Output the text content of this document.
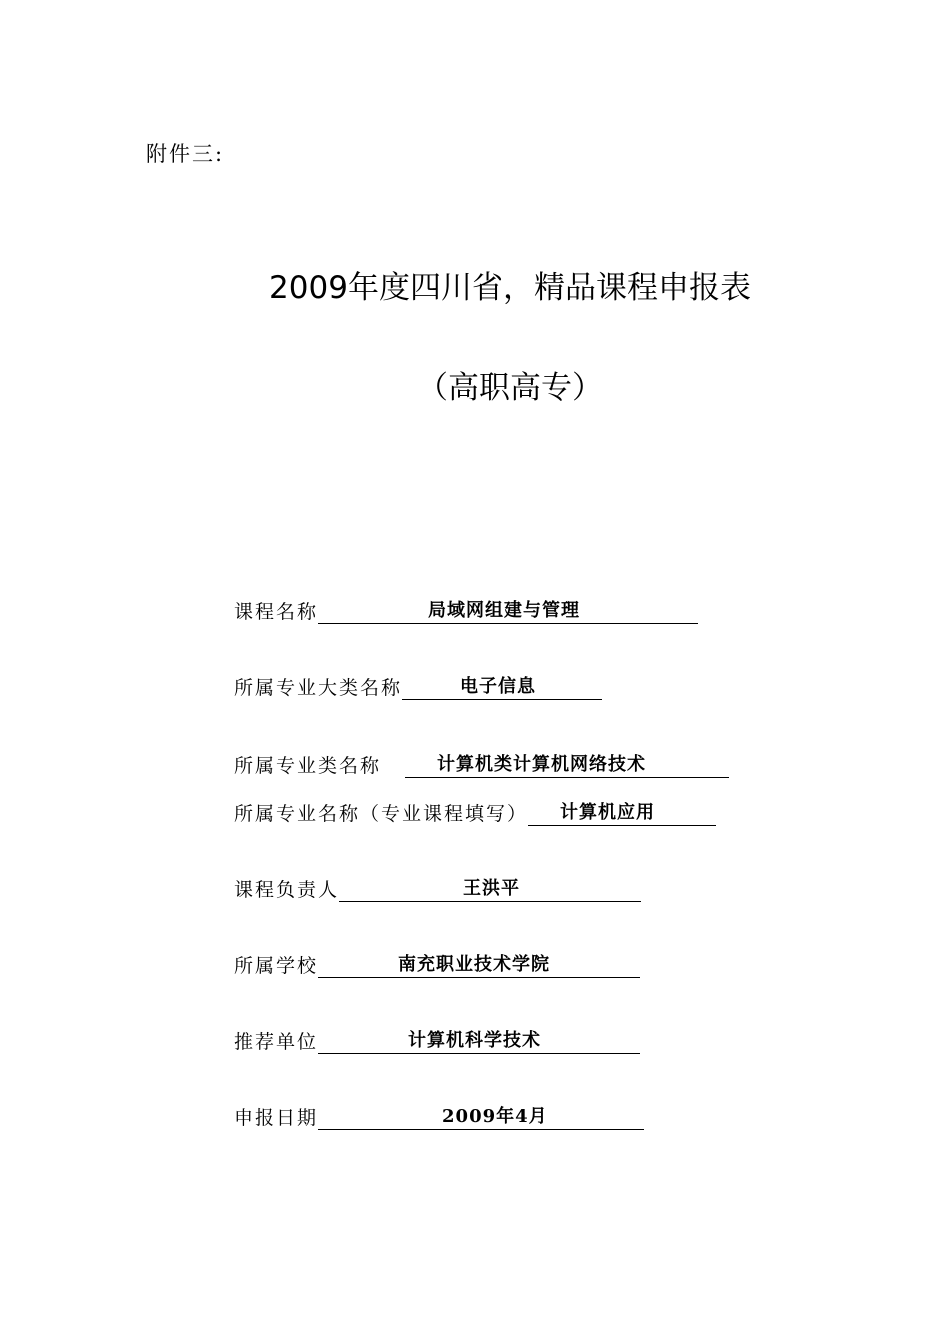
附件三:
2009年度四川省，精品课程申报表
（高职高专）
课程名称	局域网组建与管理
所属专业大类名称	电子信息
所属专业类名称	计算机类计算机网络技术
所属专业名称（专业课程填写） 计算机应用
课程负责人	王洪平
所属学校	南充职业技术学院
推荐单位	计算机科学技术
申报日期	2009年4月
